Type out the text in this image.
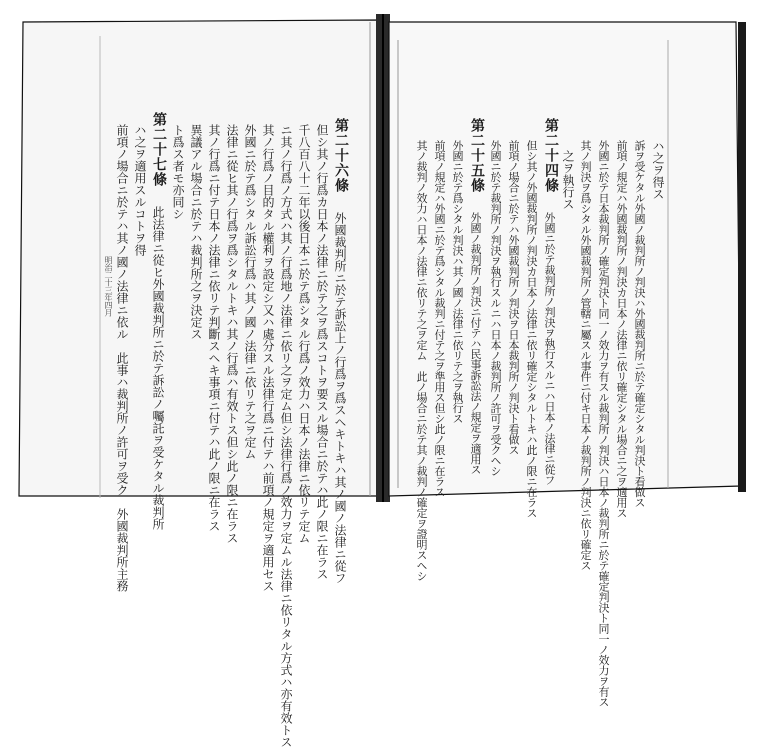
第二十六條
外國裁判所ニ於テ訴訟上ノ行爲ヲ爲スヘキトキハ其ノ國ノ法律ニ從フ
但シ其ノ行爲カ日本ノ法律ニ於テ之ヲ爲スコトヲ要スル場合ニ於テハ此ノ限ニ在ラス
千八百八十二年以後日本ニ於テ爲シタル行爲ノ效力ハ日本ノ法律ニ依リテ定ム
ニ其ノ行爲ノ方式ハ其ノ行爲地ノ法律ニ依リ之ヲ定ム但シ法律行爲ノ效力ヲ定ムル法律ニ依リタル方式ハ亦有效トス
其ノ行爲ノ目的タル權利ヲ設定シ又ハ處分スル法律行爲ニ付テハ前項ノ規定ヲ適用セス
外國ニ於テ爲シタル訴訟行爲ハ其ノ國ノ法律ニ依リテ之ヲ定ム
法律ニ從ヒ其ノ行爲ヲ爲シタルトキハ其ノ行爲ハ有效トス但シ此ノ限ニ在ラス
其ノ行爲ニ付テ日本ノ法律ニ依リテ判斷スヘキ事項ニ付テハ此ノ限ニ在ラス
異議アル場合ニ於テハ裁判所之ヲ決定ス
ト爲ス者モ亦同シ
第二十七條
此法律ニ從ヒ外國裁判所ニ於テ訴訟ノ囑託ヲ受ケタル裁判所
ハ之ヲ適用スルコトヲ得
前項ノ場合ニ於テハ其ノ國ノ法律ニ依ル　此事ハ裁判所ノ許可ヲ受ク　外國裁判所主務
明治二十三年四月
ハ之ヲ得ス
訴ヲ受ケタル外國ノ裁判所ノ判決ハ外國裁判所ニ於テ確定シタル判決ト看做ス
前項ノ規定ハ外國裁判所ノ判決カ日本ノ法律ニ依リ確定シタル場合ニ之ヲ適用ス
外國ニ於テ日本裁判所ノ確定判決ト同一ノ效力ヲ有スル裁判所ノ判決ハ日本ノ裁判所ニ於テ確定判決ト同一ノ效力ヲ有ス
其ノ判決ヲ爲シタル外國裁判所ノ管轄ニ屬スル事件ニ付キ日本ノ裁判所ノ判決ニ依リ確定ス
之ヲ執行ス
第二十四條
外國ニ於テ裁判所ノ判決ヲ執行スルニハ日本ノ法律ニ從フ
但シ其ノ外國裁判所ノ判決カ日本ノ法律ニ依リ確定シタルトキハ此ノ限ニ在ラス
前項ノ場合ニ於テハ外國裁判所ノ判決ヲ日本裁判所ノ判決ト看做ス
外國ニ於テ裁判所ノ判決ヲ執行スルニハ日本ノ裁判所ノ許可ヲ受クヘシ
第二十五條
外國ノ裁判所ノ判決ニ付テハ民事訴訟法ノ規定ヲ適用ス
外國ニ於テ爲シタル判決ハ其ノ國ノ法律ニ依リテ之ヲ執行ス
前項ノ規定ハ外國ニ於テ爲シタル裁判ニ付テ之ヲ準用ス但シ此ノ限ニ在ラス
其ノ裁判ノ效力ハ日本ノ法律ニ依リテ之ヲ定ム　此ノ場合ニ於テ其ノ裁判ノ確定ヲ證明スヘシ
